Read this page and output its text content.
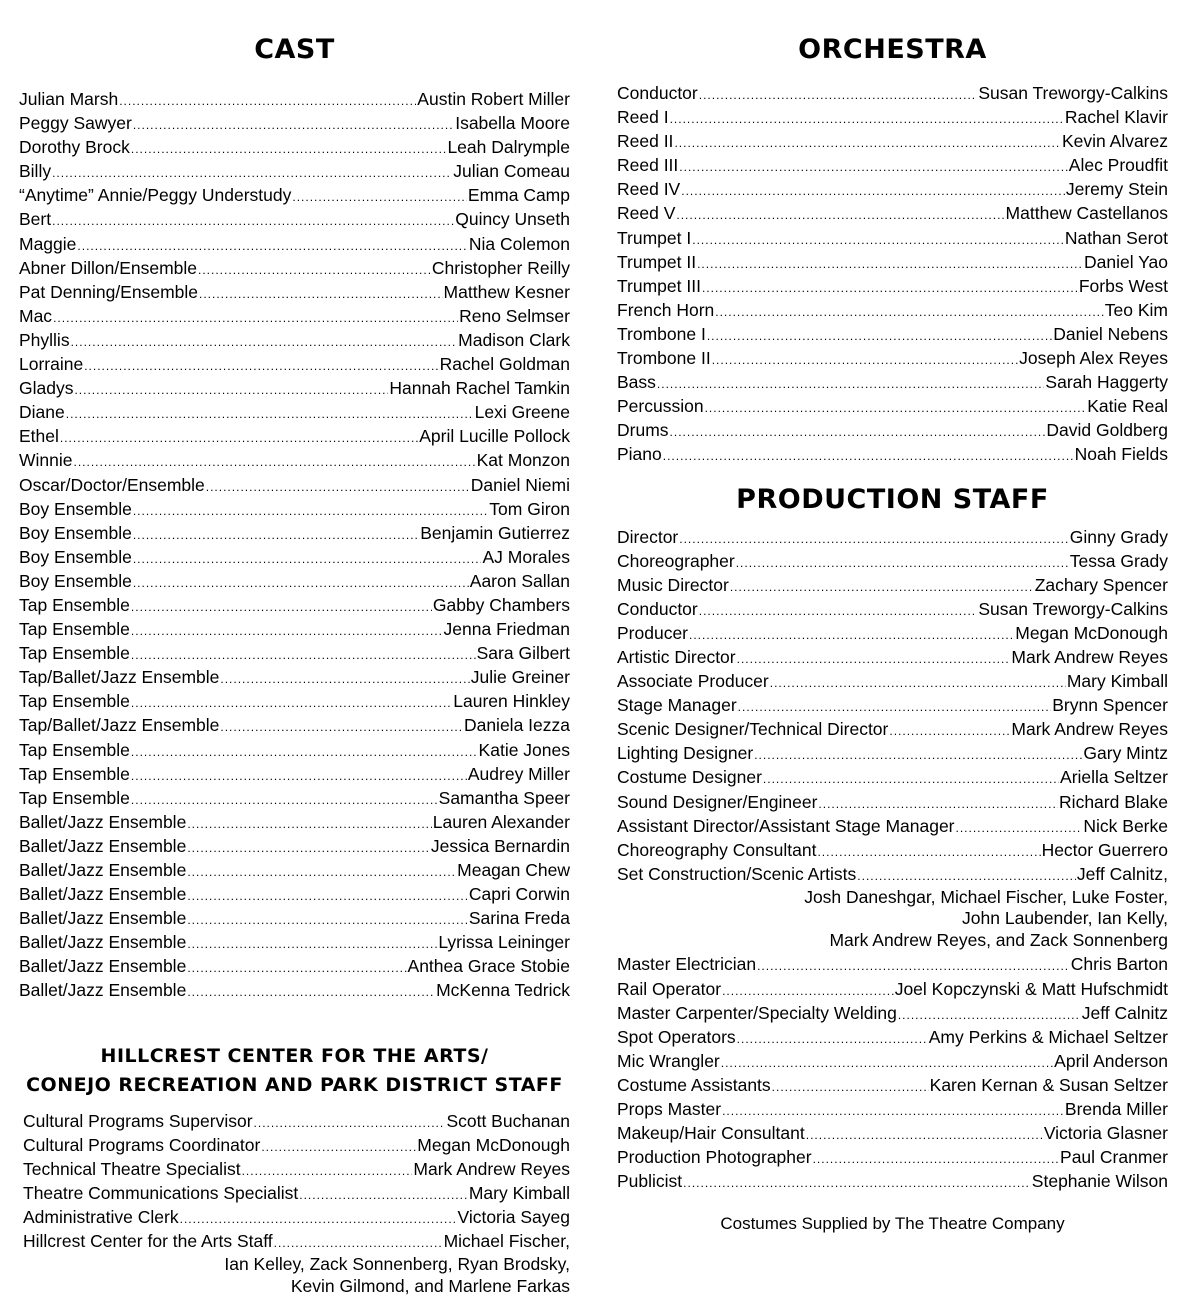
CAST
Julian Marsh .....	Austin Robert Miller
Peggy Sawyer .....	Isabella Moore
Dorothy Brock .....	Leah Dalrymple
Billy .....	Julian Comeau
“Anytime” Annie/Peggy Understudy .....	Emma Camp
Bert .....	Quincy Unseth
Maggie .....	Nia Colemon
Abner Dillon/Ensemble .....	Christopher Reilly
Pat Denning/Ensemble .....	Matthew Kesner
Mac .....	Reno Selmser
Phyllis .....	Madison Clark
Lorraine .....	Rachel Goldman
Gladys .....	Hannah Rachel Tamkin
Diane .....	Lexi Greene
Ethel .....	April Lucille Pollock
Winnie .....	Kat Monzon
Oscar/Doctor/Ensemble .....	Daniel Niemi
Boy Ensemble .....	Tom Giron
Boy Ensemble .....	Benjamin Gutierrez
Boy Ensemble .....	AJ Morales
Boy Ensemble .....	Aaron Sallan
Tap Ensemble .....	Gabby Chambers
Tap Ensemble .....	Jenna Friedman
Tap Ensemble .....	Sara Gilbert
Tap/Ballet/Jazz Ensemble .....	Julie Greiner
Tap Ensemble .....	Lauren Hinkley
Tap/Ballet/Jazz Ensemble .....	Daniela Iezza
Tap Ensemble .....	Katie Jones
Tap Ensemble .....	Audrey Miller
Tap Ensemble .....	Samantha Speer
Ballet/Jazz Ensemble .....	Lauren Alexander
Ballet/Jazz Ensemble .....	Jessica Bernardin
Ballet/Jazz Ensemble .....	Meagan Chew
Ballet/Jazz Ensemble .....	Capri Corwin
Ballet/Jazz Ensemble .....	Sarina Freda
Ballet/Jazz Ensemble .....	Lyrissa Leininger
Ballet/Jazz Ensemble .....	Anthea Grace Stobie
Ballet/Jazz Ensemble .....	McKenna Tedrick
HILLCREST CENTER FOR THE ARTS/
CONEJO RECREATION AND PARK DISTRICT STAFF
Cultural Programs Supervisor .....	Scott Buchanan
Cultural Programs Coordinator .....	Megan McDonough
Technical Theatre Specialist .....	Mark Andrew Reyes
Theatre Communications Specialist .....	Mary Kimball
Administrative Clerk .....	Victoria Sayeg
Hillcrest Center for the Arts Staff .....	Michael Fischer,
Ian Kelley, Zack Sonnenberg, Ryan Brodsky,
Kevin Gilmond, and Marlene Farkas
ORCHESTRA
Conductor .....	Susan Treworgy-Calkins
Reed I .....	Rachel Klavir
Reed II .....	Kevin Alvarez
Reed III .....	Alec Proudfit
Reed IV .....	Jeremy Stein
Reed V .....	Matthew Castellanos
Trumpet I .....	Nathan Serot
Trumpet II .....	Daniel Yao
Trumpet III .....	Forbs West
French Horn .....	Teo Kim
Trombone I .....	Daniel Nebens
Trombone II .....	Joseph Alex Reyes
Bass .....	Sarah Haggerty
Percussion .....	Katie Real
Drums .....	David Goldberg
Piano .....	Noah Fields
PRODUCTION STAFF
Director .....	Ginny Grady
Choreographer .....	Tessa Grady
Music Director .....	Zachary Spencer
Conductor .....	Susan Treworgy-Calkins
Producer .....	Megan McDonough
Artistic Director .....	Mark Andrew Reyes
Associate Producer .....	Mary Kimball
Stage Manager .....	Brynn Spencer
Scenic Designer/Technical Director .....	Mark Andrew Reyes
Lighting Designer .....	Gary Mintz
Costume Designer .....	Ariella Seltzer
Sound Designer/Engineer .....	Richard Blake
Assistant Director/Assistant Stage Manager .....	Nick Berke
Choreography Consultant .....	Hector Guerrero
Set Construction/Scenic Artists .....	Jeff Calnitz,
Josh Daneshgar, Michael Fischer, Luke Foster,
John Laubender, Ian Kelly,
Mark Andrew Reyes, and Zack Sonnenberg
Master Electrician .....	Chris Barton
Rail Operator .....	Joel Kopczynski & Matt Hufschmidt
Master Carpenter/Specialty Welding .....	Jeff Calnitz
Spot Operators .....	Amy Perkins & Michael Seltzer
Mic Wrangler .....	April Anderson
Costume Assistants .....	Karen Kernan & Susan Seltzer
Props Master .....	Brenda Miller
Makeup/Hair Consultant .....	Victoria Glasner
Production Photographer .....	Paul Cranmer
Publicist .....	Stephanie Wilson
Costumes Supplied by The Theatre Company
